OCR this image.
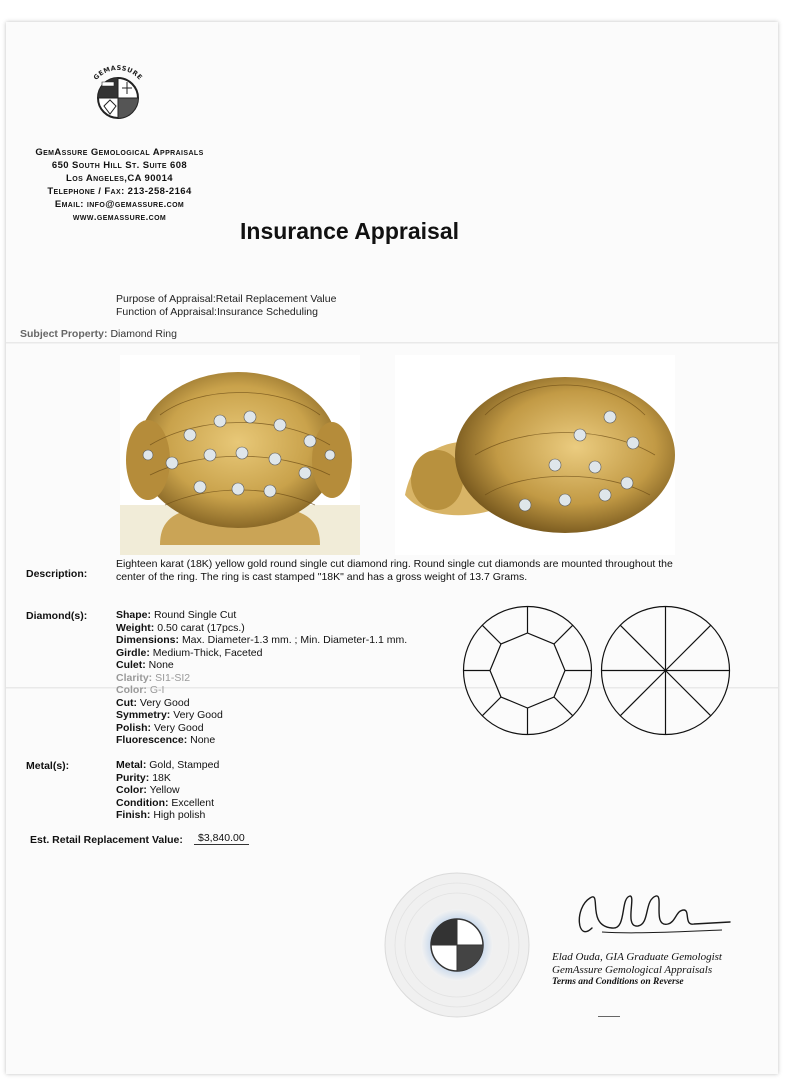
GEMASSURE
GemAssure Gemological Appraisals
650 South Hill St. Suite 608
Los Angeles,CA 90014
Telephone / Fax: 213-258-2164
Email: info@gemassure.com
www.gemassure.com
Insurance Appraisal
Purpose of Appraisal:Retail Replacement Value
Function of Appraisal:Insurance Scheduling
Subject Property: Diamond Ring
Description:
Eighteen karat (18K) yellow gold round single cut diamond ring. Round single cut diamonds are mounted throughout the center of the ring. The ring is cast stamped "18K" and has a gross weight of 13.7 Grams.
Diamond(s):	Shape: Round Single Cut
Weight: 0.50 carat (17pcs.)
Dimensions: Max. Diameter-1.3 mm. ; Min. Diameter-1.1 mm.
Girdle: Medium-Thick, Faceted
Culet: None
Clarity: SI1-SI2
Color: G-I
Cut: Very Good
Symmetry: Very Good
Polish: Very Good
Fluorescence: None
Metal(s):	Metal: Gold, Stamped
Purity: 18K
Color: Yellow
Condition: Excellent
Finish: High polish
Est. Retail Replacement Value:	$3,840.00
Elad Ouda, GIA Graduate Gemologist
GemAssure Gemological Appraisals
Terms and Conditions on Reverse
